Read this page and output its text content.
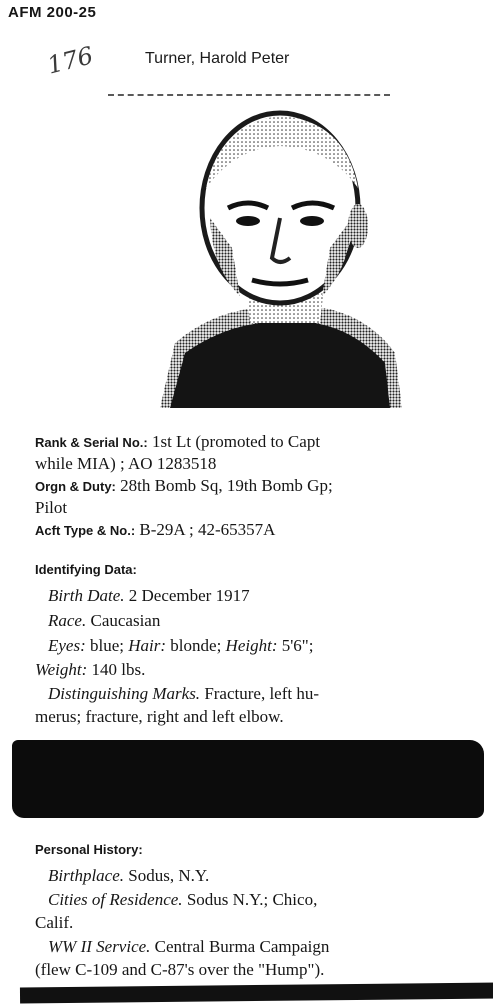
AFM 200-25
176	Turner, Harold Peter
Rank & Serial No.: 1st Lt (promoted to Capt
while MIA) ; AO 1283518
Orgn & Duty: 28th Bomb Sq, 19th Bomb Gp;
Pilot
Acft Type & No.: B-29A ; 42-65357A
Identifying Data:
Birth Date. 2 December 1917
Race. Caucasian
Eyes: blue; Hair: blonde; Height: 5'6";
Weight: 140 lbs.
Distinguishing Marks. Fracture, left hu-
merus; fracture, right and left elbow.
Personal History:
Birthplace. Sodus, N.Y.
Cities of Residence. Sodus N.Y.; Chico,
Calif.
WW II Service. Central Burma Campaign
(flew C-109 and C-87's over the "Hump").
